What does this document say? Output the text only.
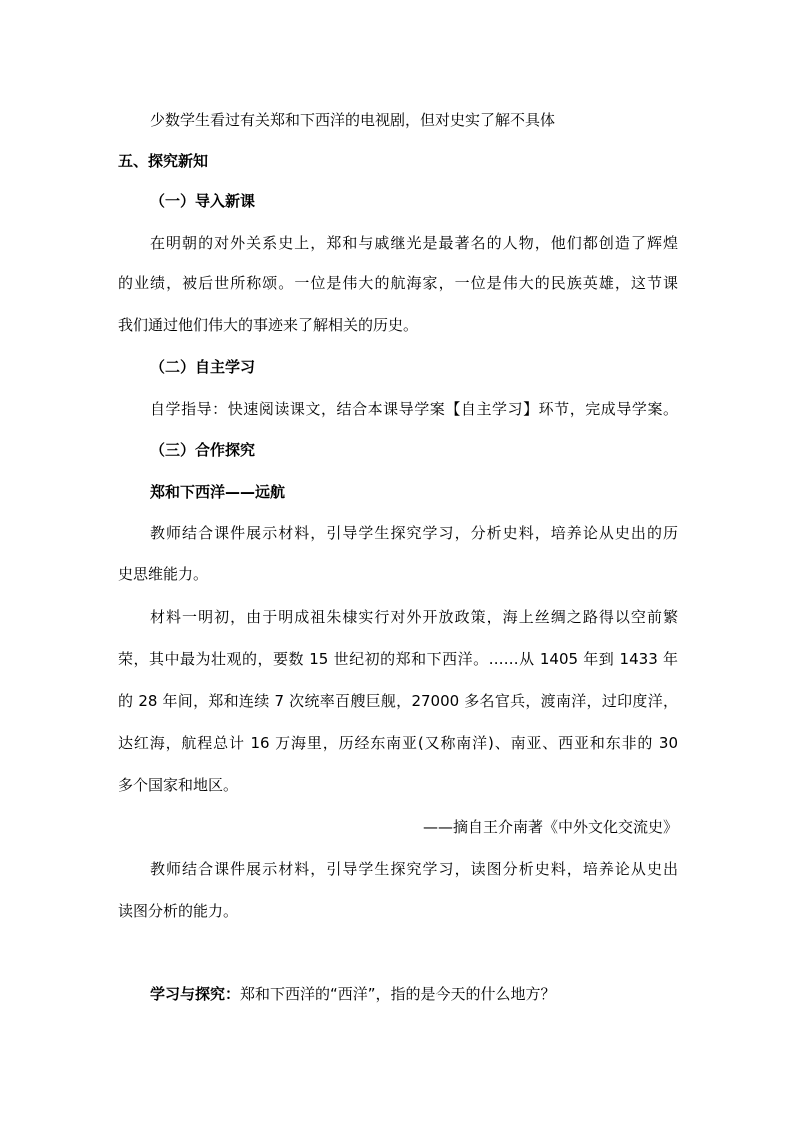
少数学生看过有关郑和下西洋的电视剧，但对史实了解不具体
五、探究新知
（一）导入新课
在明朝的对外关系史上，郑和与戚继光是最著名的人物，他们都创造了辉煌
的业绩，被后世所称颂。一位是伟大的航海家，一位是伟大的民族英雄，这节课
我们通过他们伟大的事迹来了解相关的历史。
（二）自主学习
自学指导：快速阅读课文，结合本课导学案【自主学习】环节，完成导学案。
（三）合作探究
郑和下西洋——远航
教师结合课件展示材料，引导学生探究学习，分析史料，培养论从史出的历
史思维能力。
材料一明初，由于明成祖朱棣实行对外开放政策，海上丝绸之路得以空前繁
荣，其中最为壮观的，要数 15 世纪初的郑和下西洋。……从 1405 年到 1433 年
的 28 年间，郑和连续 7 次统率百艘巨舰，27000 多名官兵，渡南洋，过印度洋，
达红海，航程总计 16 万海里，历经东南亚(又称南洋)、南亚、西亚和东非的 30
多个国家和地区。
——摘自王介南著《中外文化交流史》
教师结合课件展示材料，引导学生探究学习，读图分析史料，培养论从史出
读图分析的能力。
学习与探究：郑和下西洋的“西洋”，指的是今天的什么地方？
